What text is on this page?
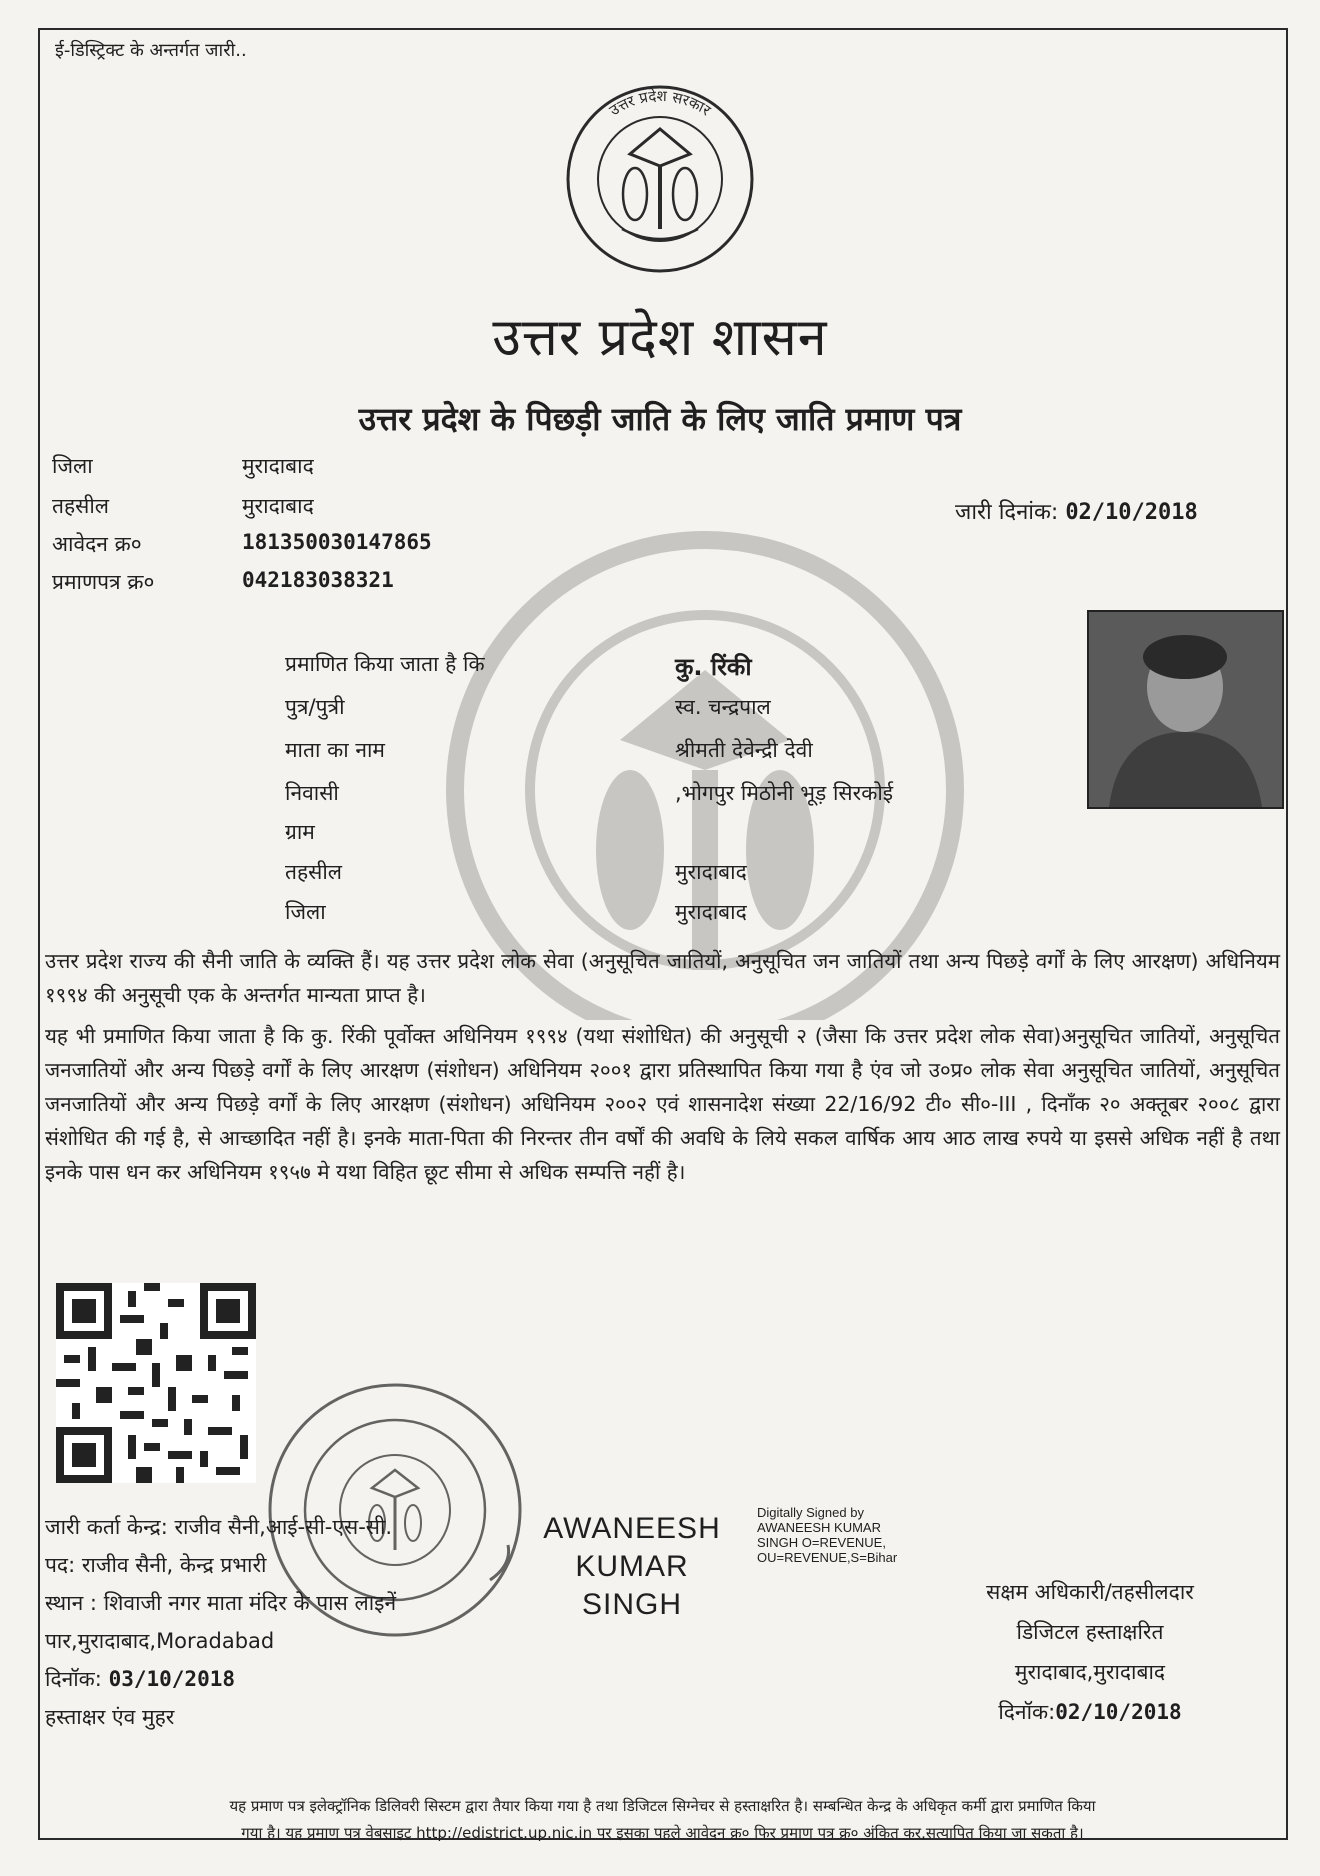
ई-डिस्ट्रिक्ट के अन्तर्गत जारी..
उत्तर प्रदेश सरकार
उत्तर प्रदेश शासन
उत्तर प्रदेश के पिछड़ी जाति के लिए जाति प्रमाण पत्र
जिला	मुरादाबाद
तहसील	मुरादाबाद
आवेदन क्र०	181350030147865
प्रमाणपत्र क्र०	042183038321
जारी दिनांक: 02/10/2018
प्रमाणित किया जाता है कि	कु. रिंकी
पुत्र/पुत्री	स्व. चन्द्रपाल
माता का नाम	श्रीमती देवेन्द्री देवी
निवासी	,भोगपुर मिठोनी भूड़ सिरकोई
ग्राम
तहसील	मुरादाबाद
जिला	मुरादाबाद
उत्तर प्रदेश राज्य की सैनी जाति के व्यक्ति हैं। यह उत्तर प्रदेश लोक सेवा (अनुसूचित जातियों, अनुसूचित जन जातियों तथा अन्य पिछड़े वर्गों के लिए आरक्षण) अधिनियम १९९४ की अनुसूची एक के अन्तर्गत मान्यता प्राप्त है।
यह भी प्रमाणित किया जाता है कि कु. रिंकी पूर्वोक्त अधिनियम १९९४ (यथा संशोधित) की अनुसूची २ (जैसा कि उत्तर प्रदेश लोक सेवा)अनुसूचित जातियों, अनुसूचित जनजातियों और अन्य पिछड़े वर्गों के लिए आरक्षण (संशोधन) अधिनियम २००१ द्वारा प्रतिस्थापित किया गया है एंव जो उ०प्र० लोक सेवा अनुसूचित जातियों, अनुसूचित जनजातियों और अन्य पिछड़े वर्गों के लिए आरक्षण (संशोधन) अधिनियम २००२ एवं शासनादेश संख्या 22/16/92 टी० सी०-III , दिनाँक २० अक्तूबर २००८ द्वारा संशोधित की गई है, से आच्छादित नहीं है। इनके माता-पिता की निरन्तर तीन वर्षों की अवधि के लिये सकल वार्षिक आय आठ लाख रुपये या इससे अधिक नहीं है तथा इनके पास धन कर अधिनियम १९५७ मे यथा विहित छूट सीमा से अधिक सम्पत्ति नहीं है।
जारी कर्ता केन्द्र: राजीव सैनी,आई-सी-एस-सी.
पद: राजीव सैनी, केन्द्र प्रभारी
स्थान : शिवाजी नगर माता मंदिर के पास लाइनें
पार,मुरादाबाद,Moradabad
दिनॉक: 03/10/2018
हस्ताक्षर एंव मुहर
AWANEESH
KUMAR
SINGH
Digitally Signed by
AWANEESH KUMAR
SINGH O=REVENUE,
OU=REVENUE,S=Bihar
सक्षम अधिकारी/तहसीलदार
डिजिटल हस्ताक्षरित
मुरादाबाद,मुरादाबाद
दिनॉक:02/10/2018
यह प्रमाण पत्र इलेक्ट्रॉनिक डिलिवरी सिस्टम द्वारा तैयार किया गया है तथा डिजिटल सिग्नेचर से हस्ताक्षरित है। सम्बन्धित केन्द्र के अधिकृत कर्मी द्वारा प्रमाणित किया
गया है। यह प्रमाण पत्र वेबसाइट http://edistrict.up.nic.in पर इसका पहले आवेदन क्र० फिर प्रमाण पत्र क्र० अंकित कर,सत्यापित किया जा सकता है।
